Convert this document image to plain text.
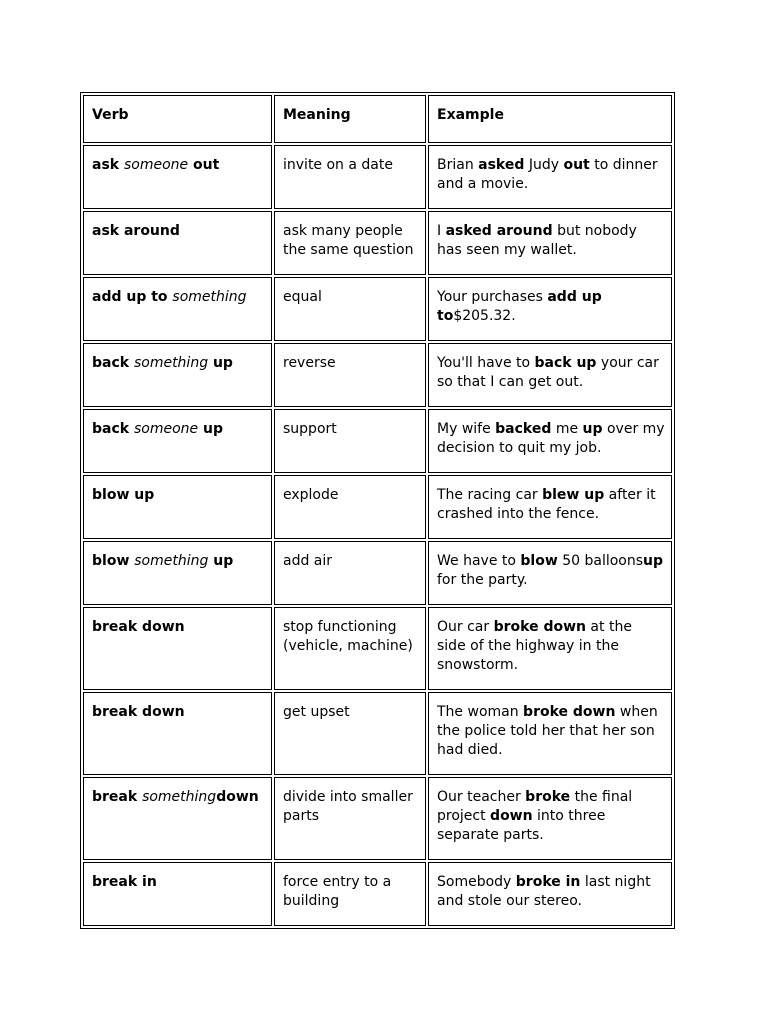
Verb	Meaning	Example
ask someone out	invite on a date	Brian asked Judy out to dinner and a movie.
ask around	ask many people the same question	I asked around but nobody has seen my wallet.
add up to something	equal	Your purchases add up to$205.32.
back something up	reverse	You'll have to back up your car so that I can get out.
back someone up	support	My wife backed me up over my decision to quit my job.
blow up	explode	The racing car blew up after it crashed into the fence.
blow something up	add air	We have to blow 50 balloonsup for the party.
break down	stop functioning (vehicle, machine)	Our car broke down at the side of the highway in the snowstorm.
break down	get upset	The woman broke down when the police told her that her son had died.
break somethingdown	divide into smaller parts	Our teacher broke the final project down into three separate parts.
break in	force entry to a building	Somebody broke in last night and stole our stereo.
